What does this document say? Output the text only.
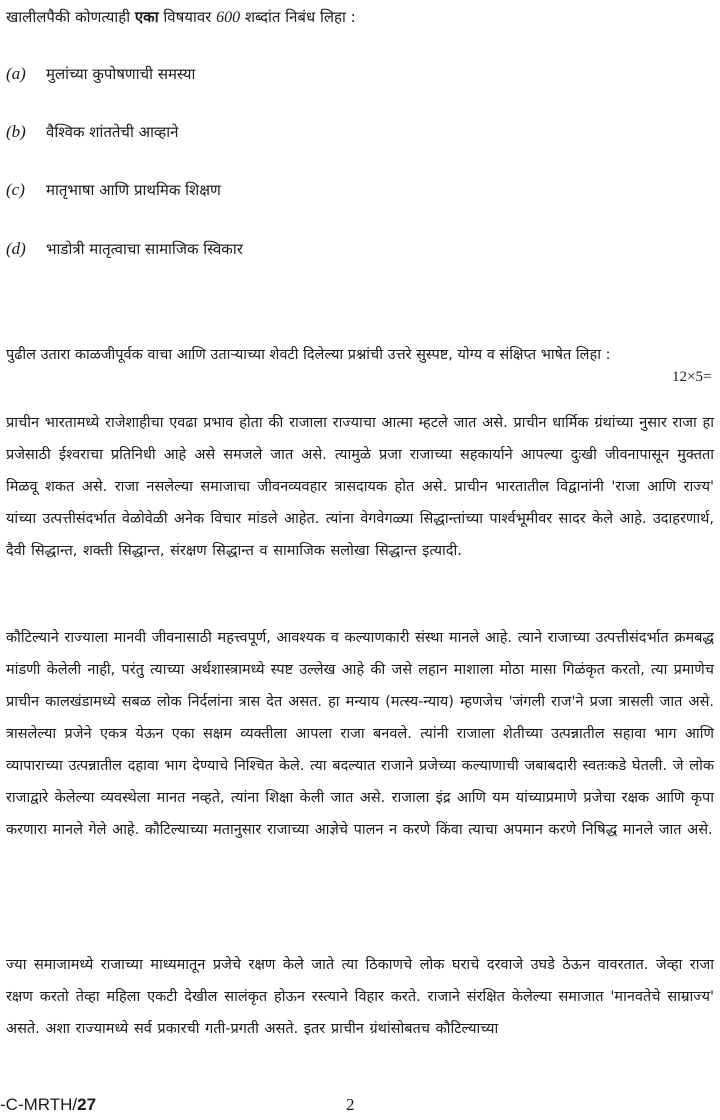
खालीलपैकी कोणत्याही एका विषयावर 600 शब्दांत निबंध लिहा :
(a) मुलांच्या कुपोषणाची समस्या
(b) वैश्विक शांततेची आव्हाने
(c) मातृभाषा आणि प्राथमिक शिक्षण
(d) भाडोत्री मातृत्वाचा सामाजिक स्विकार
पुढील उतारा काळजीपूर्वक वाचा आणि उताऱ्याच्या शेवटी दिलेल्या प्रश्नांची उत्तरे सुस्पष्ट, योग्य व संक्षिप्त भाषेत लिहा :
12×5=

प्राचीन भारतामध्ये राजेशाहीचा एवढा प्रभाव होता की राजाला राज्याचा आत्मा म्हटले जात असे. प्राचीन धार्मिक ग्रंथांच्या नुसार राजा हा प्रजेसाठी ईश्वराचा प्रतिनिधी आहे असे समजले जात असे. त्यामुळे प्रजा राजाच्या सहकार्याने आपल्या दुःखी जीवनापासून मुक्तता मिळवू शकत असे. राजा नसलेल्या समाजाचा जीवनव्यवहार त्रासदायक होत असे. प्राचीन भारतातील विद्वानांनी 'राजा आणि राज्य' यांच्या उत्पत्तीसंदर्भात वेळोवेळी अनेक विचार मांडले आहेत. त्यांना वेगवेगळ्या सिद्धान्तांच्या पार्श्वभूमीवर सादर केले आहे. उदाहरणार्थ, दैवी सिद्धान्त, शक्ती सिद्धान्त, संरक्षण सिद्धान्त व सामाजिक सलोखा सिद्धान्त इत्यादी.

कौटिल्याने राज्याला मानवी जीवनासाठी महत्त्वपूर्ण, आवश्यक व कल्याणकारी संस्था मानले आहे. त्याने राजाच्या उत्पत्तीसंदर्भात क्रमबद्ध मांडणी केलेली नाही, परंतु त्याच्या अर्थशास्त्रामध्ये स्पष्ट उल्लेख आहे की जसे लहान माशाला मोठा मासा गिळंकृत करतो, त्या प्रमाणेच प्राचीन कालखंडामध्ये सबळ लोक निर्दलांना त्रास देत असत. हा मन्याय (मत्स्य-न्याय) म्हणजेच 'जंगली राज'ने प्रजा त्रासली जात असे. त्रासलेल्या प्रजेने एकत्र येऊन एका सक्षम व्यक्तीला आपला राजा बनवले. त्यांनी राजाला शेतीच्या उत्पन्नातील सहावा भाग आणि व्यापाराच्या उत्पन्नातील दहावा भाग देण्याचे निश्चित केले. त्या बदल्यात राजाने प्रजेच्या कल्याणाची जबाबदारी स्वतःकडे घेतली. जे लोक राजाद्वारे केलेल्या व्यवस्थेला मानत नव्हते, त्यांना शिक्षा केली जात असे. राजाला इंद्र आणि यम यांच्याप्रमाणे प्रजेचा रक्षक आणि कृपा करणारा मानले गेले आहे. कौटिल्याच्या मतानुसार राजाच्या आज्ञेचे पालन न करणे किंवा त्याचा अपमान करणे निषिद्ध मानले जात असे.

ज्या समाजामध्ये राजाच्या माध्यमातून प्रजेचे रक्षण केले जाते त्या ठिकाणचे लोक घराचे दरवाजे उघडे ठेऊन वावरतात. जेव्हा राजा रक्षण करतो तेव्हा महिला एकटी देखील सालंकृत होऊन रस्त्याने विहार करते. राजाने संरक्षित केलेल्या समाजात 'मानवतेचे साम्राज्य' असते. अशा राज्यामध्ये सर्व प्रकारची गती-प्रगती असते. इतर प्राचीन ग्रंथांसोबतच कौटिल्याच्या

-C-MRTH/27	2
